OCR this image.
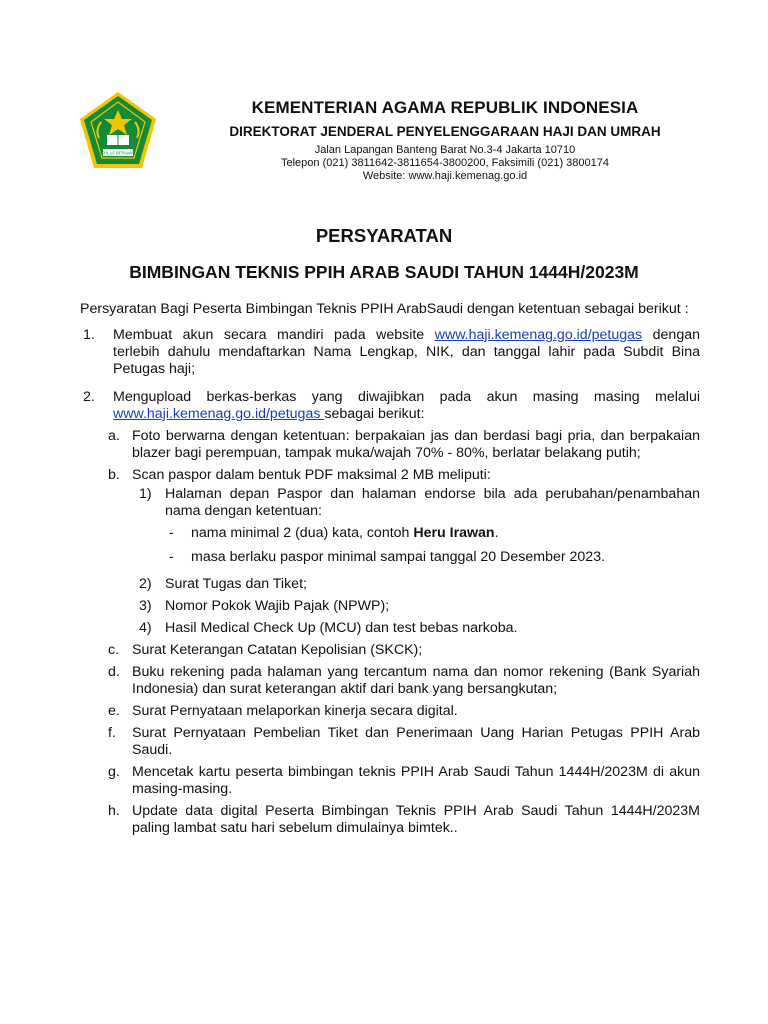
IKHLAS BERAMAL

KEMENTERIAN AGAMA REPUBLIK INDONESIA

DIREKTORAT JENDERAL PENYELENGGARAAN HAJI DAN UMRAH

Jalan Lapangan Banteng Barat No.3-4 Jakarta 10710

Telepon (021) 3811642-3811654-3800200, Faksimili (021) 3800174

Website: www.haji.kemenag.go.id

PERSYARATAN
BIMBINGAN TEKNIS PPIH ARAB SAUDI TAHUN 1444H/2023M

Persyaratan Bagi Peserta Bimbingan Teknis PPIH ArabSaudi dengan ketentuan sebagai berikut :

1. Membuat akun secara mandiri pada website www.haji.kemenag.go.id/petugas dengan terlebih dahulu mendaftarkan Nama Lengkap, NIK, dan tanggal lahir pada Subdit Bina Petugas haji;
2. Mengupload berkas-berkas yang diwajibkan pada akun masing masing melalui www.haji.kemenag.go.id/petugas sebagai berikut:
a. Foto berwarna dengan ketentuan: berpakaian jas dan berdasi bagi pria, dan berpakaian blazer bagi perempuan, tampak muka/wajah 70% - 80%, berlatar belakang putih;
b. Scan paspor dalam bentuk PDF maksimal 2 MB meliputi:
1) Halaman depan Paspor dan halaman endorse bila ada perubahan/penambahan nama dengan ketentuan:
- nama minimal 2 (dua) kata, contoh Heru Irawan.
- masa berlaku paspor minimal sampai tanggal 20 Desember 2023.
2) Surat Tugas dan Tiket;
3) Nomor Pokok Wajib Pajak (NPWP);
4) Hasil Medical Check Up (MCU) dan test bebas narkoba.
c. Surat Keterangan Catatan Kepolisian (SKCK);
d. Buku rekening pada halaman yang tercantum nama dan nomor rekening (Bank Syariah Indonesia) dan surat keterangan aktif dari bank yang bersangkutan;
e. Surat Pernyataan melaporkan kinerja secara digital.
f. Surat Pernyataan Pembelian Tiket dan Penerimaan Uang Harian Petugas PPIH Arab Saudi.
g. Mencetak kartu peserta bimbingan teknis PPIH Arab Saudi Tahun 1444H/2023M di akun masing-masing.
h. Update data digital Peserta Bimbingan Teknis PPIH Arab Saudi Tahun 1444H/2023M paling lambat satu hari sebelum dimulainya bimtek..
